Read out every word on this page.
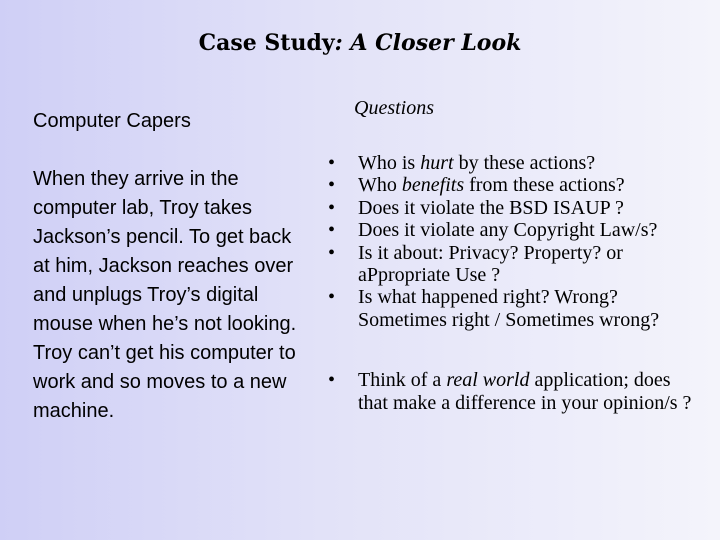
Case Study: A Closer Look
Computer Capers
When they arrive in the computer lab, Troy takes Jackson’s pencil. To get back at him, Jackson reaches over and unplugs Troy’s digital mouse when he’s not looking. Troy can’t get his computer to work and so moves to a new machine.
Questions
• Who is hurt by these actions?
• Who benefits from these actions?
• Does it violate the BSD ISAUP ?
• Does it violate any Copyright Law/s?
• Is it about: Privacy? Property? or aPpropriate Use ?
• Is what happened right? Wrong? Sometimes right / Sometimes wrong?
• Think of a real world application; does that make a difference in your opinion/s ?
